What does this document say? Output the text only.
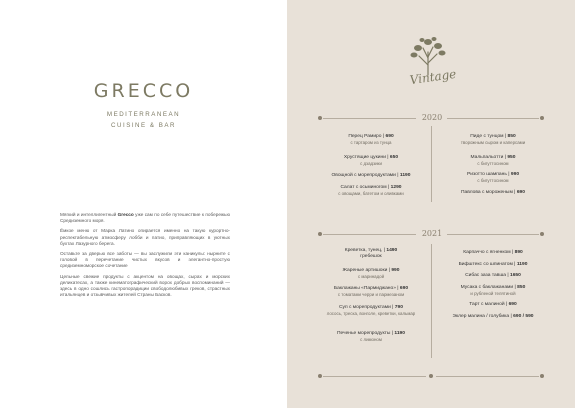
GRECCO
MEDITERRANEAN
CUISINE & BAR

Мягкий и интеллигентный Grecco уже сам по себе путешествие к побережью Средиземного моря.

Ёмкое меню от Марка Латино опирается именно на такую курортно-респектабельную атмосферу лобби и патио, приправляющих в уютных бухтах Лазурного берега.

Оставьте за дверью все заботы — вы заслужили эти каникулы: нырните с головой в перечетание чистых вкусов и элегантно-простую средиземноморское сочетание

Цельные свежие продукты с акцентом на овощах, сырах и морских деликатесах, а также кинематографический ворох добрых воспоминаний — здесь в одно сошлись гастропорадиции свободолюбивых греков, страстных итальянцев и отзывчивых жителей Страны Басков.

Vintage
2020
Перец Рамиро | 690
с тартаром из тунца
Хрустящие цукини | 650
с дзадзики
Овощной с морепродуктами | 1190
Салат с осьминогом | 1290
с овощами, батетом и оливками
Пиде с тунцом | 850
творожным сыром и каперсами
Мальпальотти | 950
с бигуттосином
Ризотто шампань | 990
с бигуттосином
Павлова с мороженым | 690
2021
Креветка, тунец, | 1490
гребешок
Жареные артишоки | 990
с маринадой
Баклажаны «Пармиджано» | 690
с томатами черри и пармезаном
Суп с морепродуктами | 790
лосось, треска, вонголе, креветки, кальмар
Печенье морепродукты | 1190
с лимоном
Карпаччо с ягненком | 890
Бифштекс со шпинатом | 1190
Сибас заза тавша | 1650
Мусака с баклажанами | 850
и рубленой телятиной
Тарт с малиной | 690
Эклер малина / голубика | 690 / 590
